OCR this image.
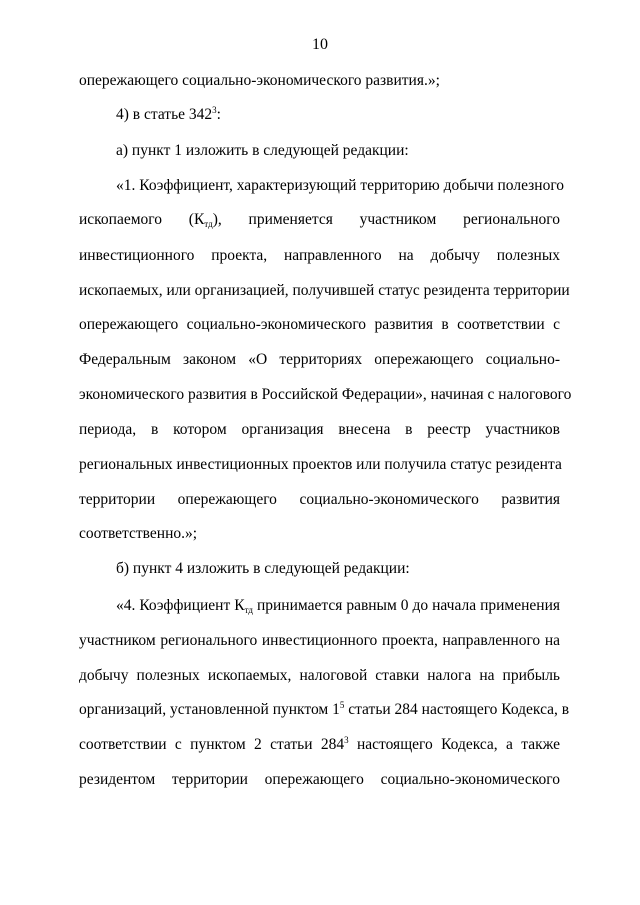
10
опережающего социально-экономического развития.»;
4) в статье $342^3$:
а) пункт 1 изложить в следующей редакции:
«1. Коэффициент, характеризующий территорию добычи полезного
ископаемого $(К_{тд})$, применяется участником регионального
инвестиционного проекта, направленного на добычу полезных
ископаемых, или организацией, получившей статус резидента территории
опережающего социально-экономического развития в соответствии с
Федеральным законом «О территориях опережающего социально-
экономического развития в Российской Федерации», начиная с налогового
периода, в котором организация внесена в реестр участников
региональных инвестиционных проектов или получила статус резидента
территории опережающего социально-экономического развития
соответственно.»;
б) пункт 4 изложить в следующей редакции:
«4. Коэффициент $К_{тд}$ принимается равным 0 до начала применения
участником регионального инвестиционного проекта, направленного на
добычу полезных ископаемых, налоговой ставки налога на прибыль
организаций, установленной пунктом $1^5$ статьи 284 настоящего Кодекса, в
соответствии с пунктом 2 статьи $284^3$ настоящего Кодекса, а также
резидентом территории опережающего социально-экономического
